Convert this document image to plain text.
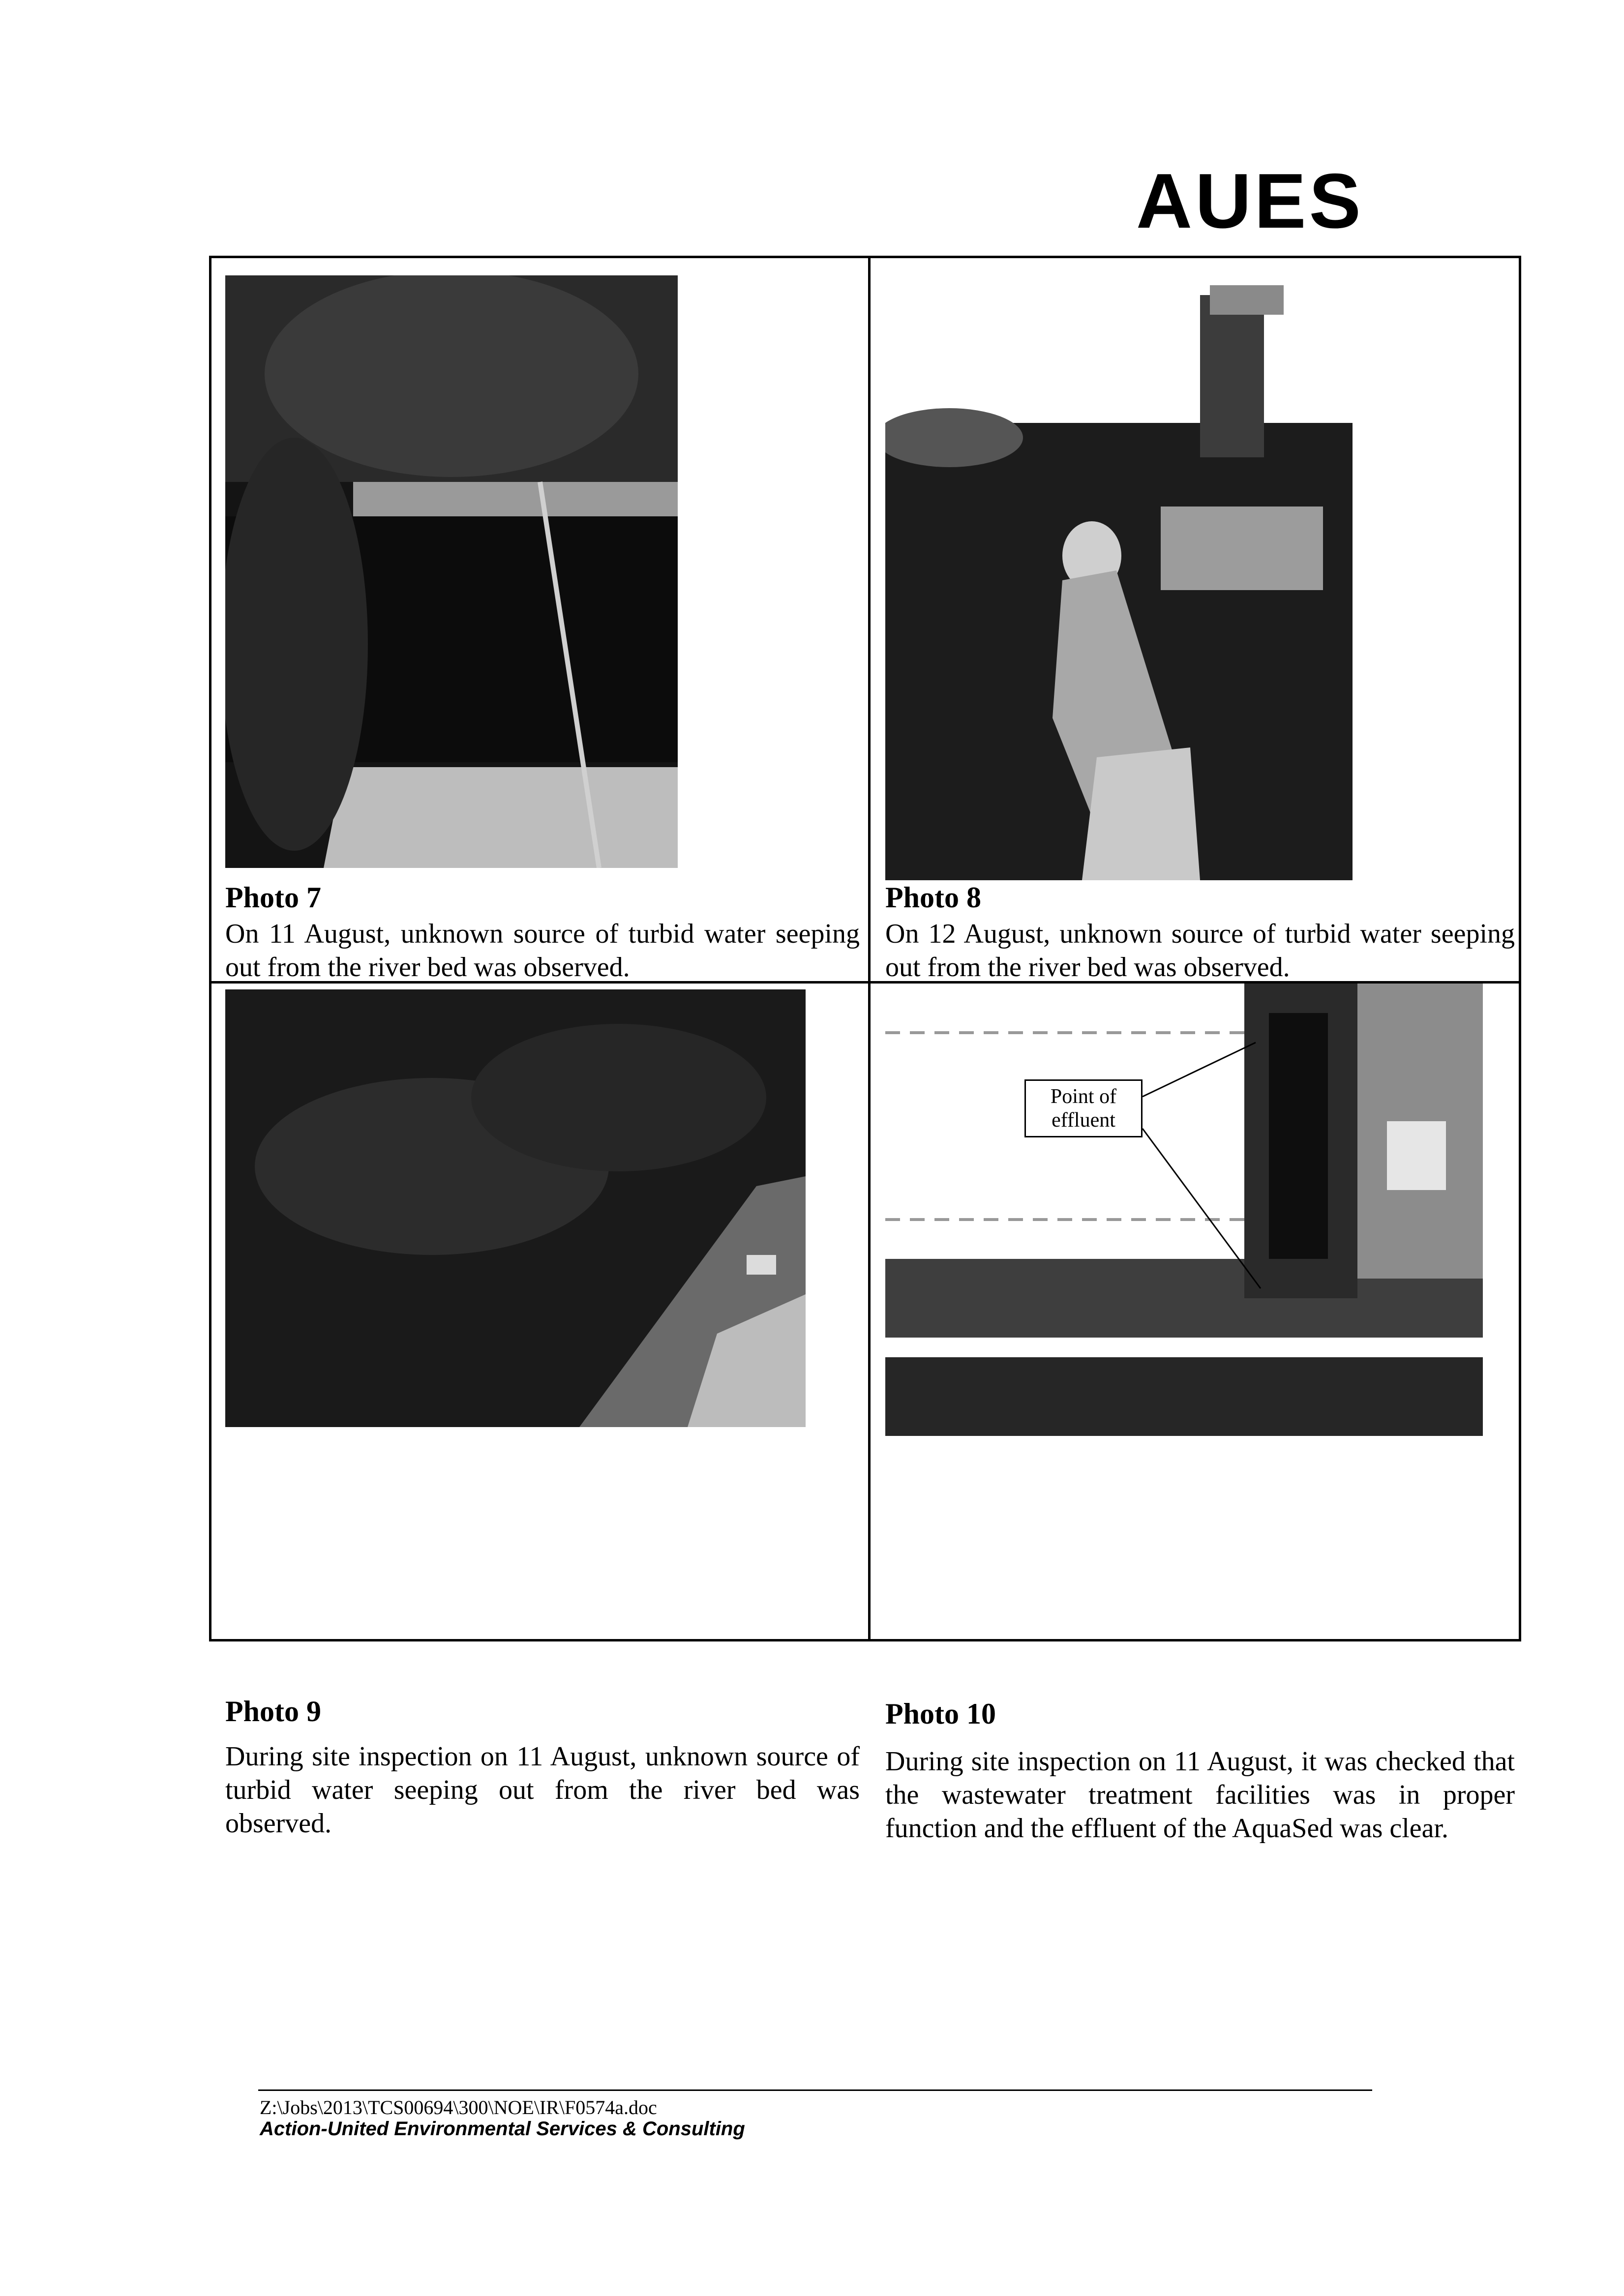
AUES
Photo 7
On 11 August, unknown source of turbid water seeping out from the river bed was observed.
Photo 8
On 12 August, unknown source of turbid water seeping out from the river bed was observed.
Photo 9
During site inspection on 11 August, unknown source of turbid water seeping out from the river bed was observed.
Point of effluent
Photo 10
During site inspection on 11 August, it was checked that the wastewater treatment facilities was in proper function and the effluent of the AquaSed was clear.
Z:\Jobs\2013\TCS00694\300\NOE\IR\F0574a.doc
Action-United Environmental Services & Consulting
